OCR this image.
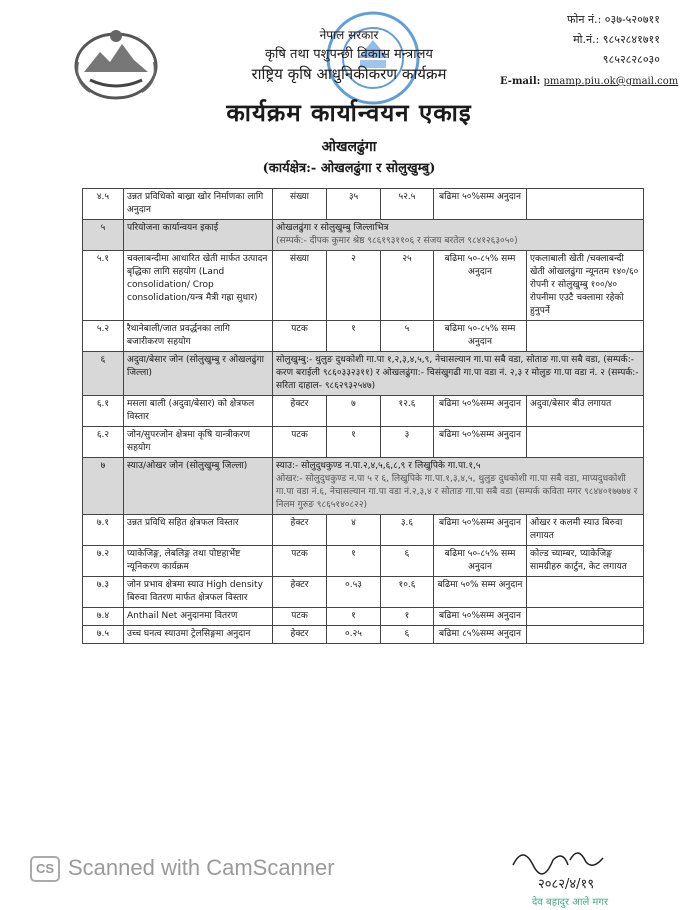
नेपाल सरकार
कृषि तथा पशुपन्छी विकास मन्त्रालय
राष्ट्रिय कृषि आधुनिकीकरण कार्यक्रम
कार्यक्रम कार्यान्वयन एकाइ
ओखलढुंगा
(कार्यक्षेत्र:- ओखलढुंगा र सोलुखुम्बु)
फोन नं.: ०३७-५२०७११
मो.नं.: ९८५२८४१७११
९८५२८२८०३०
E-mail: pmamp.piu.ok@gmail.com
४.५	उन्नत प्रविधिको बाख्रा खोर निर्माणका लागि अनुदान	संख्या	३५	५२.५	बढिमा ५०%सम्म अनुदान	
५	परियोजना कार्यान्वयन इकाई	ओखलढुंगा र सोलुखुम्बु जिल्लाभित्र
(सम्पर्क:- दीपक कुमार श्रेष्ठ ९८६१९३११०६ र संजय बरतेल ९८४१२६३०५०)				

५.१	चक्लाबन्दीमा आधारित खेती मार्फत उत्पादन बृद्धिका लागि सहयोग (Land consolidation/ Crop consolidation/यन्त्र मैत्री गह्रा सुधार)	संख्या	२	२५	बढिमा ५०-८५% सम्म अनुदान	एकलाबाली खेती /चक्लाबन्दी खेती ओखलढुंगा न्यूनतम १४०/६० रोपनी र सोलुखुम्बु १००/४० रोपनीमा एउटै चक्लामा रहेको हुनुपर्ने
५.२	रैथानेबाली/जात प्रवर्द्धनका लागि बजारीकरण सहयोग	पटक	१	५	बढिमा ५०-८५% सम्म अनुदान	
६	अदुवा/बेसार जोन (सोलुखुम्बु र ओखलढुंगा जिल्ला)	सोलुखुम्बु:- थुलुङ दुधकोशी गा.पा १,२,३,४,५,९, नेचासल्यान गा.पा सबै वडा, सोताङ गा.पा सबै वडा, (सम्पर्क:- करण बराईली ९८६०३३२३११) र ओखलढुंगा:- चिसंखुगढी गा.पा वडा नं. २,३ र मोलुङ गा.पा वडा नं. २ (सम्पर्क:- सरिता दाहाल- ९८६२९३२५४७)				

६.१	मसला बाली (अदुवा/बेसार) को क्षेत्रफल विस्तार	हेक्टर	७	१२.६	बढिमा ५०%सम्म अनुदान	अदुवा/बेसार बीउ लगायत
६.२	जोन/सुपरजोन क्षेत्रमा कृषि यान्त्रीकरण सहयोग	पटक	१	३	बढिमा ५०%सम्म अनुदान	
७	स्याउ/ओखर जोन (सोलुखुम्बु जिल्ला)	स्याउ:- सोलुदुधकुण्ड न.पा.२,४,५,६,८,९ र लिखुपिके गा.पा.१,५
ओखर:- सोलुदुधकुण्ड न.पा ५ र ६, लिखुपिके गा.पा.१,३,४,५, थुलुङ दुधकोशी गा.पा सबै वडा, माप्यदुधकोशी गा.पा वडा नं.६, नेचासल्यान गा.पा वडा नं.२,३,४ र सोताङ गा.पा सबै वडा (सम्पर्क कविता मगर ९८४४०१७७७४ र निलम गुरुङ ९८६५१४०८२२)				

७.१	उन्नत प्रविधि सहित क्षेत्रफल विस्तार	हेक्टर	४	३.६	बढिमा ५०%सम्म अनुदान	ओखर र कलमी स्याउ बिरुवा लगायत
७.२	प्याकेजिङ्ग, लेबलिङ्ग तथा पोष्टहार्भेष्ट न्यूनिकरण कार्यक्रम	पटक	१	६	बढिमा ५०-८५% सम्म अनुदान	कोल्ड च्याम्बर, प्याकेजिङ्ग सामग्रीहरु कार्टुन, केट लगायत
७.३	जोन प्रभाव क्षेत्रमा स्याउ High density बिरुवा वितरण मार्फत क्षेत्रफल विस्तार	हेक्टर	०.५३	१०.६	बढिमा ५०% सम्म अनुदान	
७.४	Anthail Net अनुदानमा वितरण	पटक	१	१	बढिमा ५०%सम्म अनुदान	
७.५	उच्च घनत्व स्याउमा ट्रेलसिङ्गमा अनुदान	हेक्टर	०.२५	६	बढिमा ८५%सम्म अनुदान	
CS Scanned with CamScanner
२०८२/४/१९
देव बहादुर आले मगर
